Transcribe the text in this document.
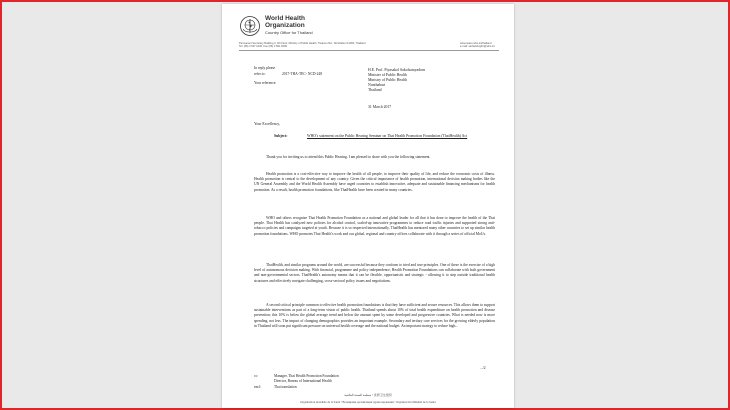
World Health
Organization
Country Office for Thailand
Permanent Secretary Building 3, 4th Floor, Ministry of Public Health, Tiwanon Rd., Nonthaburi 11000, Thailand
Tel: (66) 2 547 0100, Fax (66) 2 591 8199
www.searo.who.int/thailand
e-mail: sethawhcgthr@who.int
In reply please
refer to:	2017-THA-TEC- NCD-248
Your reference:
H.E. Prof. Piyasakol Sakolsatayadorn
Minister of Public Health
Ministry of Public Health
Nonthaburi
Thailand
31 March 2017
Your Excellency,
Subject:	WHO's statement on the Public Hearing Seminar on Thai Health Promotion Foundation (ThaiHealth) Act

Thank you for inviting us to attend this Public Hearing. I am pleased to share with you the following statement.

Health promotion is a cost-effective way to improve the health of all people, to improve their quality of life, and reduce the economic costs of illness. Health promotion is central to the development of any country. Given the critical importance of health promotion, international decision making bodies like the UN General Assembly and the World Health Assembly have urged countries to establish innovative, adequate and sustainable financing mechanisms for health promotion. As a result, health promotion foundations, like ThaiHealth have been created in many countries.

WHO and others recognize Thai Health Promotion Foundation as a national and global leader for all that it has done to improve the health of the Thai people. Thai Health has catalyzed new policies for alcohol control, scaled-up innovative programmes to reduce road traffic injuries and supported strong anti-tobacco policies and campaigns targeted at youth. Because it is so respected internationally, ThaiHealth has mentored many other countries to set up similar health promotion foundations. WHO promotes Thai Health's work and our global, regional and country offices collaborate with it through a series of official MoUs.

ThaiHealth, and similar programs around the world, are successful because they conform to tried and true principles. One of these is the exercise of a high level of autonomous decision making. With financial, programme and policy independence, Health Promotion Foundations can collaborate with both government and non-governmental sectors. ThaiHealth's autonomy means that it can be flexible, opportunistic and strategic - allowing it to step outside traditional health structures and effectively navigate challenging, cross-sectoral policy issues and negotiations.

A second critical principle common to effective health promotion foundations is that they have sufficient and secure resources. This allows them to support sustainable interventions as part of a long-term vision of public health. Thailand spends about 10% of total health expenditure on health promotion and disease prevention; this 10% is below the global average trend and below the amount spent by some developed and progressive countries. What is needed now is more spending, not less. The impact of changing demographics provides an important example. Secondary and tertiary care services for the growing elderly population in Thailand will soon put significant pressure on universal health coverage and the national budget. An important strategy to reduce high...

.../2
cc:	Manager, Thai Health Promotion Foundation
Director, Bureau of International Health
encl:	Thai translation
منظمة الصحة العالمية • 世界卫生组织
Organisation mondiale de la Santé • Всемирная организация здравоохранения • Organización Mundial de la Salud
